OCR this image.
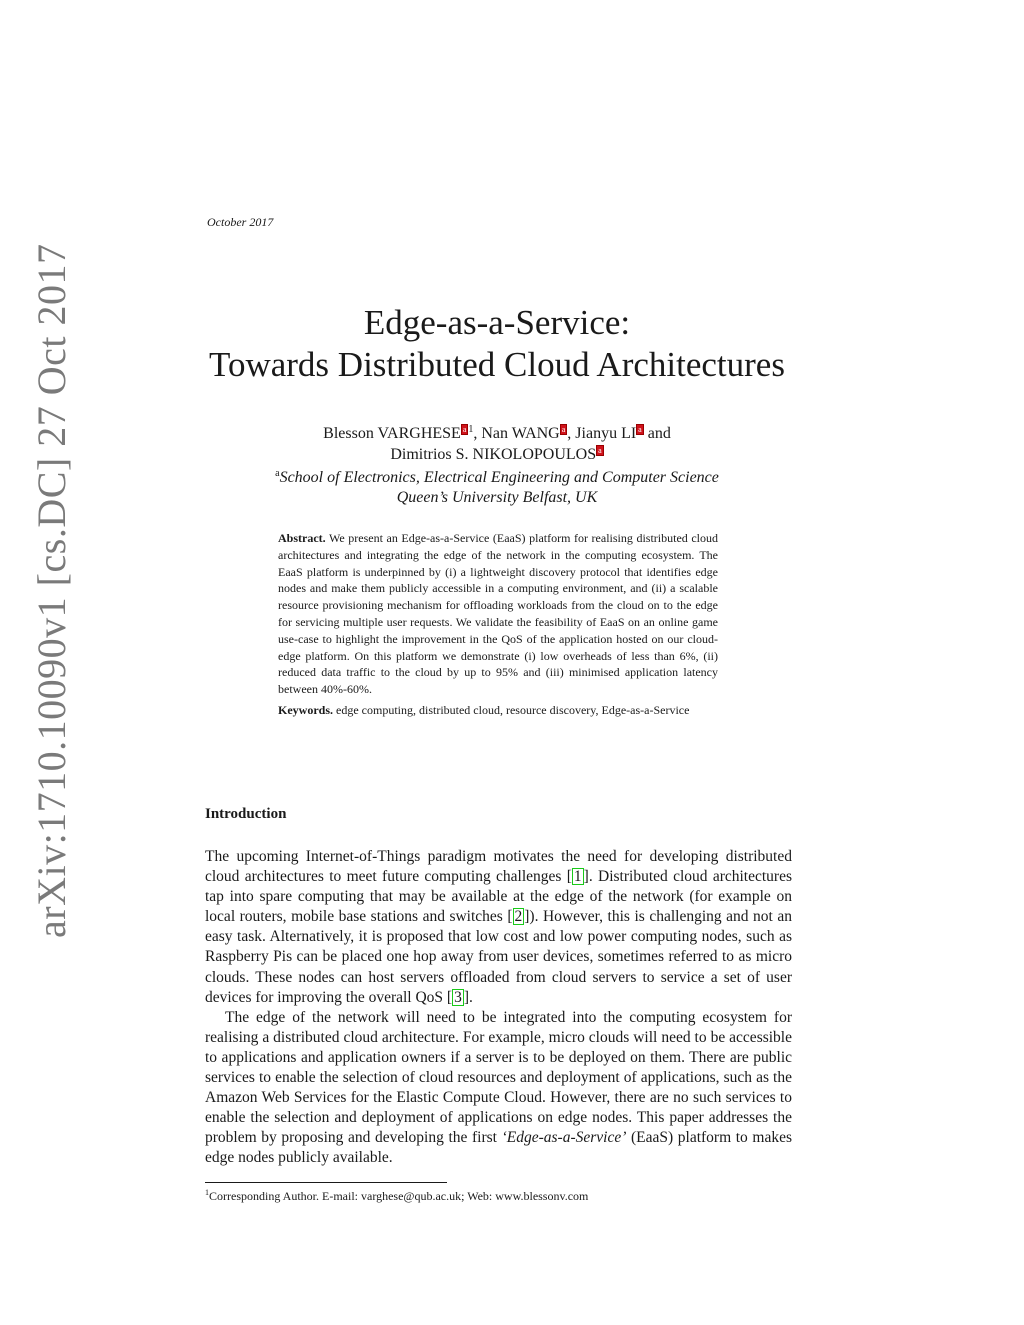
arXiv:1710.10090v1 [cs.DC] 27 Oct 2017
October 2017
Edge-as-a-Service:
Towards Distributed Cloud Architectures
Blesson VARGHESE a $^1$, Nan WANG a , Jianyu LI a and
Dimitrios S. NIKOLOPOULOS a
$^a$School of Electronics, Electrical Engineering and Computer Science
Queen’s University Belfast, UK
Abstract. We present an Edge-as-a-Service (EaaS) platform for realising distributed cloud architectures and integrating the edge of the network in the computing ecosystem. The EaaS platform is underpinned by (i) a lightweight discovery protocol that identifies edge nodes and make them publicly accessible in a computing environment, and (ii) a scalable resource provisioning mechanism for offloading workloads from the cloud on to the edge for servicing multiple user requests. We validate the feasibility of EaaS on an online game use-case to highlight the improvement in the QoS of the application hosted on our cloud-edge platform. On this platform we demonstrate (i) low overheads of less than 6%, (ii) reduced data traffic to the cloud by up to 95% and (iii) minimised application latency between 40%-60%.
Keywords. edge computing, distributed cloud, resource discovery, Edge-as-a-Service
Introduction

The upcoming Internet-of-Things paradigm motivates the need for developing distributed cloud architectures to meet future computing challenges [ 1 ]. Distributed cloud architectures tap into spare computing that may be available at the edge of the network (for example on local routers, mobile base stations and switches [ 2 ]). However, this is challenging and not an easy task. Alternatively, it is proposed that low cost and low power computing nodes, such as Raspberry Pis can be placed one hop away from user devices, sometimes referred to as micro clouds. These nodes can host servers offloaded from cloud servers to service a set of user devices for improving the overall QoS [ 3 ].

The edge of the network will need to be integrated into the computing ecosystem for realising a distributed cloud architecture. For example, micro clouds will need to be accessible to applications and application owners if a server is to be deployed on them. There are public services to enable the selection of cloud resources and deployment of applications, such as the Amazon Web Services for the Elastic Compute Cloud. However, there are no such services to enable the selection and deployment of applications on edge nodes. This paper addresses the problem by proposing and developing the first ‘Edge-as-a-Service’ (EaaS) platform to makes edge nodes publicly available.

$^1$Corresponding Author. E-mail: varghese@qub.ac.uk; Web: www.blessonv.com
